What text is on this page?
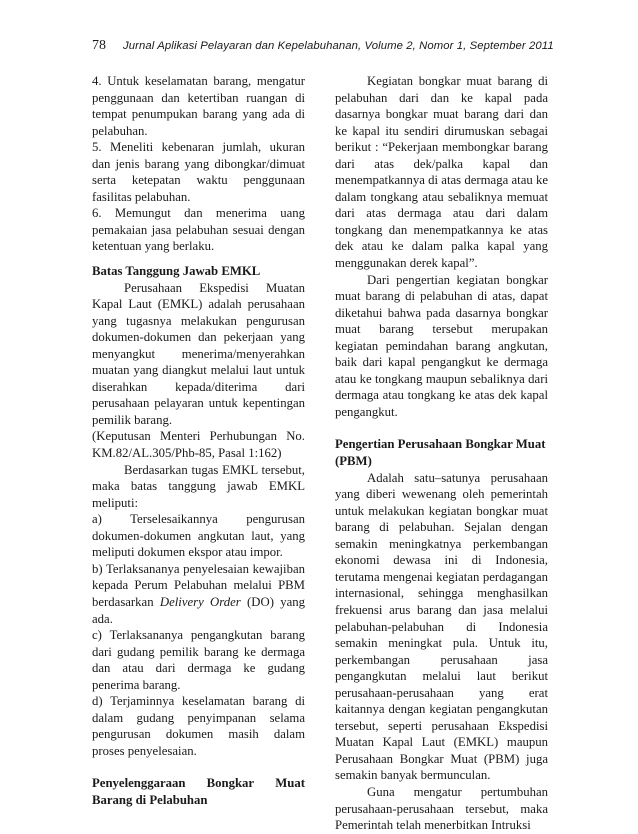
78 Jurnal Aplikasi Pelayaran dan Kepelabuhanan, Volume 2, Nomor 1, September 2011

4. Untuk keselamatan barang, mengatur penggunaan dan ketertiban ruangan di tempat penumpukan barang yang ada di pelabuhan.

5. Meneliti kebenaran jumlah, ukuran dan jenis barang yang dibongkar/dimuat serta ketepatan waktu penggunaan fasilitas pelabuhan.

6. Memungut dan menerima uang pemakaian jasa pelabuhan sesuai dengan ketentuan yang berlaku.

Batas Tanggung Jawab EMKL

Perusahaan Ekspedisi Muatan Kapal Laut (EMKL) adalah perusahaan yang tugasnya melakukan pengurusan dokumen-dokumen dan pekerjaan yang menyangkut menerima/menyerahkan muatan yang diangkut melalui laut untuk diserahkan kepada/diterima dari perusahaan pelayaran untuk kepentingan pemilik barang.

(Keputusan Menteri Perhubungan No. KM.82/AL.305/Phb-85, Pasal 1:162)

Berdasarkan tugas EMKL tersebut, maka batas tanggung jawab EMKL meliputi:

a) Terselesaikannya pengurusan dokumen-dokumen angkutan laut, yang meliputi dokumen ekspor atau impor.

b) Terlaksananya penyelesaian kewajiban kepada Perum Pelabuhan melalui PBM berdasarkan Delivery Order (DO) yang ada.

c) Terlaksananya pengangkutan barang dari gudang pemilik barang ke dermaga dan atau dari dermaga ke gudang penerima barang.

d) Terjaminnya keselamatan barang di dalam gudang penyimpanan selama pengurusan dokumen masih dalam proses penyelesaian.

Penyelenggaraan Bongkar Muat

Barang di Pelabuhan

Kegiatan bongkar muat barang di pelabuhan dari dan ke kapal pada dasarnya bongkar muat barang dari dan ke kapal itu sendiri dirumuskan sebagai berikut : “Pekerjaan membongkar barang dari atas dek/palka kapal dan menempatkannya di atas dermaga atau ke dalam tongkang atau sebaliknya memuat dari atas dermaga atau dari dalam tongkang dan menempatkannya ke atas dek atau ke dalam palka kapal yang menggunakan derek kapal”.

Dari pengertian kegiatan bongkar muat barang di pelabuhan di atas, dapat diketahui bahwa pada dasarnya bongkar muat barang tersebut merupakan kegiatan pemindahan barang angkutan, baik dari kapal pengangkut ke dermaga atau ke tongkang maupun sebaliknya dari dermaga atau tongkang ke atas dek kapal pengangkut.

Pengertian Perusahaan Bongkar Muat (PBM)

Adalah satu–satunya perusahaan yang diberi wewenang oleh pemerintah untuk melakukan kegiatan bongkar muat barang di pelabuhan. Sejalan dengan semakin meningkatnya perkembangan ekonomi dewasa ini di Indonesia, terutama mengenai kegiatan perdagangan internasional, sehingga menghasilkan frekuensi arus barang dan jasa melalui pelabuhan-pelabuhan di Indonesia semakin meningkat pula. Untuk itu, perkembangan perusahaan jasa pengangkutan melalui laut berikut perusahaan-perusahaan yang erat kaitannya dengan kegiatan pengangkutan tersebut, seperti perusahaan Ekspedisi Muatan Kapal Laut (EMKL) maupun Perusahaan Bongkar Muat (PBM) juga semakin banyak bermunculan.

Guna mengatur pertumbuhan perusahaan-perusahaan tersebut, maka Pemerintah telah menerbitkan Intruksi
